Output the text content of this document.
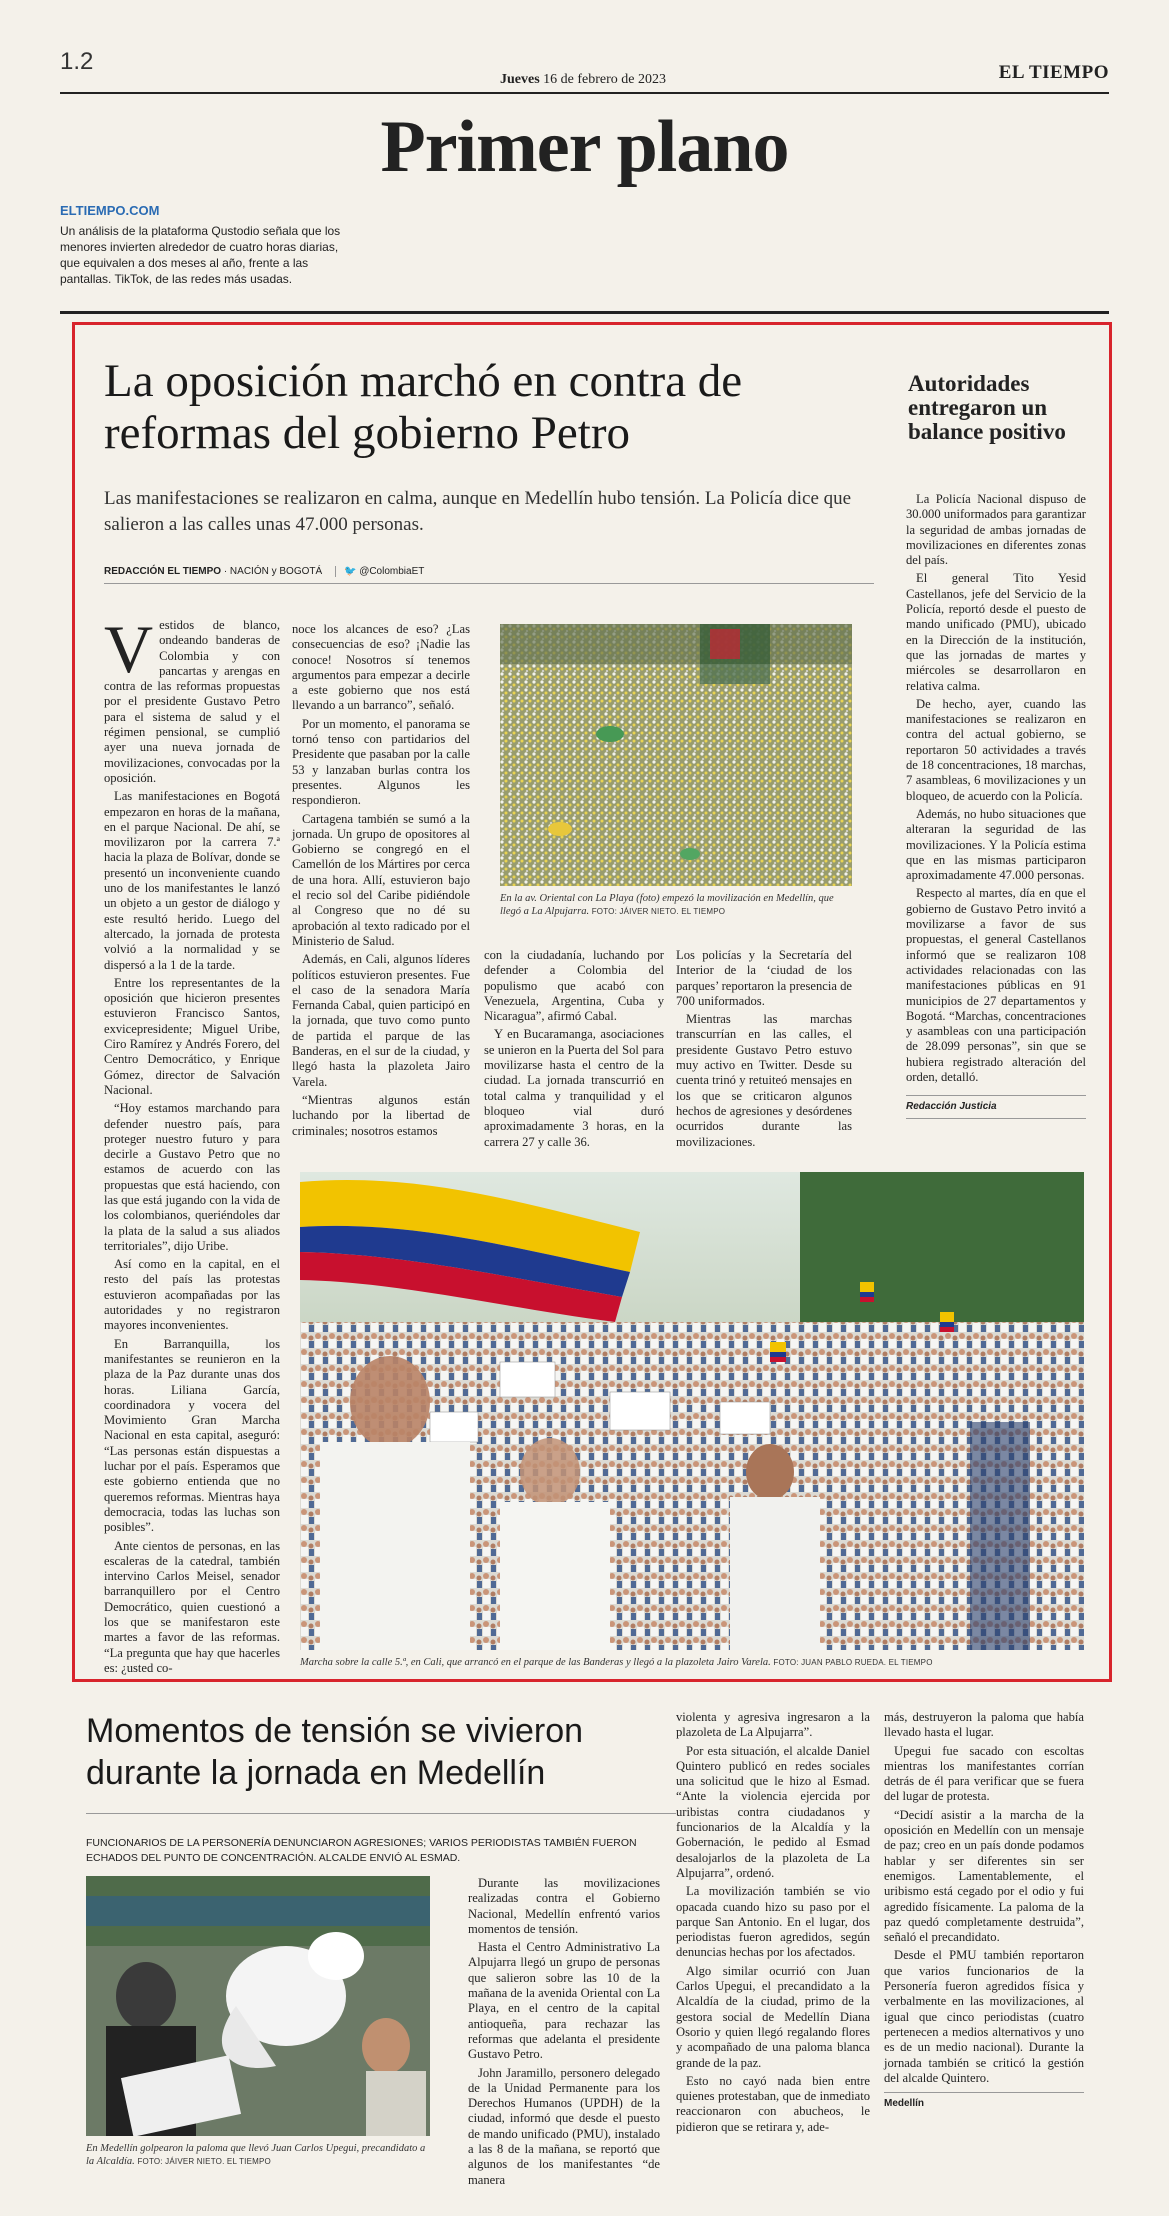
1.2
Jueves 16 de febrero de 2023	EL TIEMPO
Primer plano
ELTIEMPO.COM
Un análisis de la plataforma Qustodio señala que los menores invierten alrededor de cuatro horas diarias, que equivalen a dos meses al año, frente a las pantallas. TikTok, de las redes más usadas.
La oposición marchó en contra de reformas del gobierno Petro
Las manifestaciones se realizaron en calma, aunque en Medellín hubo tensión. La Policía dice que salieron a las calles unas 47.000 personas.
REDACCIÓN EL TIEMPO · NACIÓN y BOGOTÁ 🐦 @ColombiaET
V estidos de blanco, ondeando banderas de Colombia y con pancartas y arengas en contra de las reformas propuestas por el presidente Gustavo Petro para el sistema de salud y el régimen pensional, se cumplió ayer una nueva jornada de movilizaciones, convocadas por la oposición.

Las manifestaciones en Bogotá empezaron en horas de la mañana, en el parque Nacional. De ahí, se movilizaron por la carrera 7.ª hacia la plaza de Bolívar, donde se presentó un inconveniente cuando uno de los manifestantes le lanzó un objeto a un gestor de diálogo y este resultó herido. Luego del altercado, la jornada de protesta volvió a la normalidad y se dispersó a la 1 de la tarde.

Entre los representantes de la oposición que hicieron presentes estuvieron Francisco Santos, exvicepresidente; Miguel Uribe, Ciro Ramírez y Andrés Forero, del Centro Democrático, y Enrique Gómez, director de Salvación Nacional.

“Hoy estamos marchando para defender nuestro país, para proteger nuestro futuro y para decirle a Gustavo Petro que no estamos de acuerdo con las propuestas que está haciendo, con las que está jugando con la vida de los colombianos, queriéndoles dar la plata de la salud a sus aliados territoriales”, dijo Uribe.

Así como en la capital, en el resto del país las protestas estuvieron acompañadas por las autoridades y no registraron mayores inconvenientes.

En Barranquilla, los manifestantes se reunieron en la plaza de la Paz durante unas dos horas. Liliana García, coordinadora y vocera del Movimiento Gran Marcha Nacional en esta capital, aseguró: “Las personas están dispuestas a luchar por el país. Esperamos que este gobierno entienda que no queremos reformas. Mientras haya democracia, todas las luchas son posibles”.

Ante cientos de personas, en las escaleras de la catedral, también intervino Carlos Meisel, senador barranquillero por el Centro Democrático, quien cuestionó a los que se manifestaron este martes a favor de las reformas. “La pregunta que hay que hacerles es: ¿usted co-

noce los alcances de eso? ¿Las consecuencias de eso? ¡Nadie las conoce! Nosotros sí tenemos argumentos para empezar a decirle a este gobierno que nos está llevando a un barranco”, señaló.

Por un momento, el panorama se tornó tenso con partidarios del Presidente que pasaban por la calle 53 y lanzaban burlas contra los presentes. Algunos les respondieron.

Cartagena también se sumó a la jornada. Un grupo de opositores al Gobierno se congregó en el Camellón de los Mártires por cerca de una hora. Allí, estuvieron bajo el recio sol del Caribe pidiéndole al Congreso que no dé su aprobación al texto radicado por el Ministerio de Salud.

Además, en Cali, algunos líderes políticos estuvieron presentes. Fue el caso de la senadora María Fernanda Cabal, quien participó en la jornada, que tuvo como punto de partida el parque de las Banderas, en el sur de la ciudad, y llegó hasta la plazoleta Jairo Varela.

“Mientras algunos están luchando por la libertad de criminales; nosotros estamos

En la av. Oriental con La Playa (foto) empezó la movilización en Medellín, que llegó a La Alpujarra. FOTO: JÁIVER NIETO. EL TIEMPO

con la ciudadanía, luchando por defender a Colombia del populismo que acabó con Venezuela, Argentina, Cuba y Nicaragua”, afirmó Cabal.

Y en Bucaramanga, asociaciones se unieron en la Puerta del Sol para movilizarse hasta el centro de la ciudad. La jornada transcurrió en total calma y tranquilidad y el bloqueo vial duró aproximadamente 3 horas, en la carrera 27 y calle 36.

Los policías y la Secretaría del Interior de la ‘ciudad de los parques’ reportaron la presencia de 700 uniformados.

Mientras las marchas transcurrían en las calles, el presidente Gustavo Petro estuvo muy activo en Twitter. Desde su cuenta trinó y retuiteó mensajes en los que se criticaron algunos hechos de agresiones y desórdenes ocurridos durante las movilizaciones.

Marcha sobre la calle 5.ª, en Cali, que arrancó en el parque de las Banderas y llegó a la plazoleta Jairo Varela. FOTO: JUAN PABLO RUEDA. EL TIEMPO
Autoridades entregaron un balance positivo

La Policía Nacional dispuso de 30.000 uniformados para garantizar la seguridad de ambas jornadas de movilizaciones en diferentes zonas del país.

El general Tito Yesid Castellanos, jefe del Servicio de la Policía, reportó desde el puesto de mando unificado (PMU), ubicado en la Dirección de la institución, que las jornadas de martes y miércoles se desarrollaron en relativa calma.

De hecho, ayer, cuando las manifestaciones se realizaron en contra del actual gobierno, se reportaron 50 actividades a través de 18 concentraciones, 18 marchas, 7 asambleas, 6 movilizaciones y un bloqueo, de acuerdo con la Policía.

Además, no hubo situaciones que alteraran la seguridad de las movilizaciones. Y la Policía estima que en las mismas participaron aproximadamente 47.000 personas.

Respecto al martes, día en que el gobierno de Gustavo Petro invitó a movilizarse a favor de sus propuestas, el general Castellanos informó que se realizaron 108 actividades relacionadas con las manifestaciones públicas en 91 municipios de 27 departamentos y Bogotá. “Marchas, concentraciones y asambleas con una participación de 28.099 personas”, sin que se hubiera registrado alteración del orden, detalló.

Redacción Justicia
Momentos de tensión se vivieron durante la jornada en Medellín
FUNCIONARIOS DE LA PERSONERÍA DENUNCIARON AGRESIONES; VARIOS PERIODISTAS TAMBIÉN FUERON ECHADOS DEL PUNTO DE CONCENTRACIÓN. ALCALDE ENVIÓ AL ESMAD.
En Medellín golpearon la paloma que llevó Juan Carlos Upegui, precandidato a la Alcaldía. FOTO: JÁIVER NIETO. EL TIEMPO

Durante las movilizaciones realizadas contra el Gobierno Nacional, Medellín enfrentó varios momentos de tensión.

Hasta el Centro Administrativo La Alpujarra llegó un grupo de personas que salieron sobre las 10 de la mañana de la avenida Oriental con La Playa, en el centro de la capital antioqueña, para rechazar las reformas que adelanta el presidente Gustavo Petro.

John Jaramillo, personero delegado de la Unidad Permanente para los Derechos Humanos (UPDH) de la ciudad, informó que desde el puesto de mando unificado (PMU), instalado a las 8 de la mañana, se reportó que algunos de los manifestantes “de manera

violenta y agresiva ingresaron a la plazoleta de La Alpujarra”.

Por esta situación, el alcalde Daniel Quintero publicó en redes sociales una solicitud que le hizo al Esmad. “Ante la violencia ejercida por uribistas contra ciudadanos y funcionarios de la Alcaldía y la Gobernación, le pedido al Esmad desalojarlos de la plazoleta de La Alpujarra”, ordenó.

La movilización también se vio opacada cuando hizo su paso por el parque San Antonio. En el lugar, dos periodistas fueron agredidos, según denuncias hechas por los afectados.

Algo similar ocurrió con Juan Carlos Upegui, el precandidato a la Alcaldía de la ciudad, primo de la gestora social de Medellín Diana Osorio y quien llegó regalando flores y acompañado de una paloma blanca grande de la paz.

Esto no cayó nada bien entre quienes protestaban, que de inmediato reaccionaron con abucheos, le pidieron que se retirara y, ade-

más, destruyeron la paloma que había llevado hasta el lugar.

Upegui fue sacado con escoltas mientras los manifestantes corrían detrás de él para verificar que se fuera del lugar de protesta.

“Decidí asistir a la marcha de la oposición en Medellín con un mensaje de paz; creo en un país donde podamos hablar y ser diferentes sin ser enemigos. Lamentablemente, el uribismo está cegado por el odio y fui agredido físicamente. La paloma de la paz quedó completamente destruida”, señaló el precandidato.

Desde el PMU también reportaron que varios funcionarios de la Personería fueron agredidos física y verbalmente en las movilizaciones, al igual que cinco periodistas (cuatro pertenecen a medios alternativos y uno es de un medio nacional). Durante la jornada también se criticó la gestión del alcalde Quintero.

Medellín
